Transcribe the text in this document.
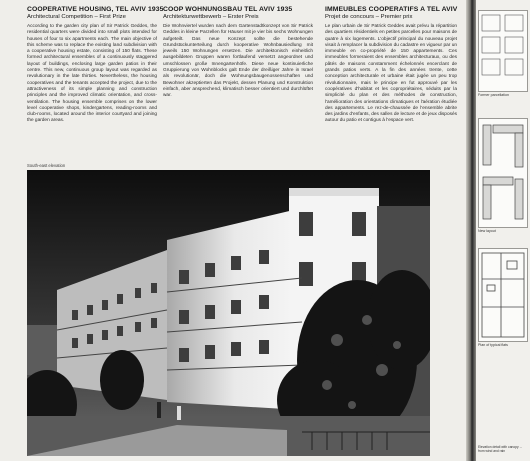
COOPERATIVE HOUSING, TEL AVIV 1935
Architectural Competition – First Prize

According to the garden city plan of Sir Patrick Geddes, the residential quarters were divided into small plots intended for houses of four to six apartments each. The main objective of this scheme was to replace the existing land subdivision with a cooperative housing estate, consisting of 150 flats. These formed architectural ensembles of a continuously staggered layout of buildings, enclosing large garden patios in their centre. This new, continuous group layout was regarded as revolutionary in the late thirties. Nevertheless, the housing cooperatives and the tenants accepted the project, due to the attractiveness of its simple planning and construction principles and the improved climatic orientation, and cross-ventilation. The housing ensemble comprises on the lower level cooperative shops, kindergartens, reading-rooms and club-rooms, located around the interior courtyard and joining the garden areas.

COOP WOHNUNGSBAU TEL AVIV 1935
Architekturwettbewerb – Erster Preis

Die Wohnviertel wurden nach dem Gartenstadtkonzept von Sir Patrick Geddes in kleine Parzellen für Häuser mit je vier bis sechs Wohnungen aufgeteilt. Das neue Konzept sollte die bestehende Grundstückunterteilung durch kooperative Wohnbausiedlung mit jeweils 150 Wohnungen ersetzen. Die architektonisch einheitlich ausgebildeten Gruppen waren fortlaufend versetzt angeordnet und umschlossen große Innengartenhöfe. Diese neue kontinuierliche Gruppierung von Wohnblocks galt Ende der dreißiger Jahre in Israel als revolutionär, doch die Wohnungsbaugenossenschaften und Bewohner akzeptierten das Projekt, dessen Planung und Konstruktion einfach, aber ansprechend, klimatisch besser orientiert und durchlüftet war.

IMMEUBLES COOPERATIFS A TEL AVIV
Projet de concours – Premier prix

Le plan urbain de Sir Patrick Geddes avait prévu la répartition des quartiers résidentiels en petites parcelles pour maisons de quatre à six logements. L'objectif principal du nouveau projet visait à remplacer la subdivision du cadastre en vigueur par un immeuble en co-propriété de 150 appartements. Ces immeubles formeraient des ensembles architecturaux, ou des pâtés de maisons constamment échelonnés encerclant de grands patios verts. A la fin des années trente, cette conception architecturale et urbaine était jugée un peu trop révolutionnaire, mais le principe en fut approuvé par les coopératives d'habitat et les copropriétaires, séduits par la simplicité du plan et des méthodes de construction, l'amélioration des orientations climatiques et l'aération étudiée des appartements. Le rez-de-chaussée de l'ensemble abrite des jardins d'enfants, des salles de lecture et de jeux disposés autour du patio et contigus à l'espace vert.

South-east elevation
Former parcellation
New layout
Plan of typical flats
Elevation detail with canopy ... from wind and rain
